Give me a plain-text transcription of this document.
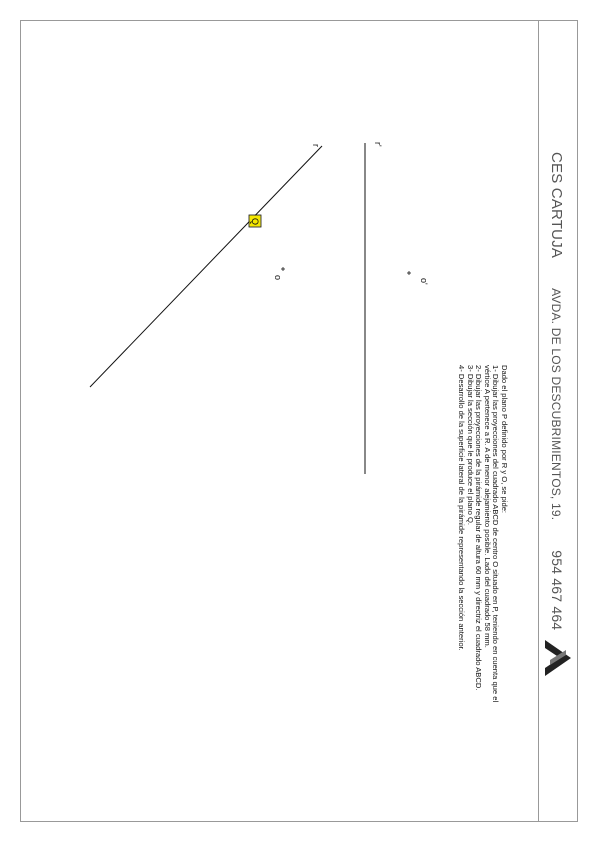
CES CARTUJA AVDA. DE LOS DESCUBRIMIENTOS, 19. 954 467 464
Dado el plano P definido por R y O, se pide:
1- Dibujar las proyecciones del cuadrado ABCD de centro O situado en P, teniendo en cuenta que el
vértice A pertenece a R. A de menor alejamiento posible. Lado del cuadrado 58 mm.
2- Dibujar las proyecciones de la pirámide regular de altura 60 mm y directriz el cuadrado ABCD.
3- Dibujar la sección que le produce el plano Q.
4- Desarrollo de la superficie lateral de la pirámide representando la sección anterior.
Q
r	r'
o
o'
